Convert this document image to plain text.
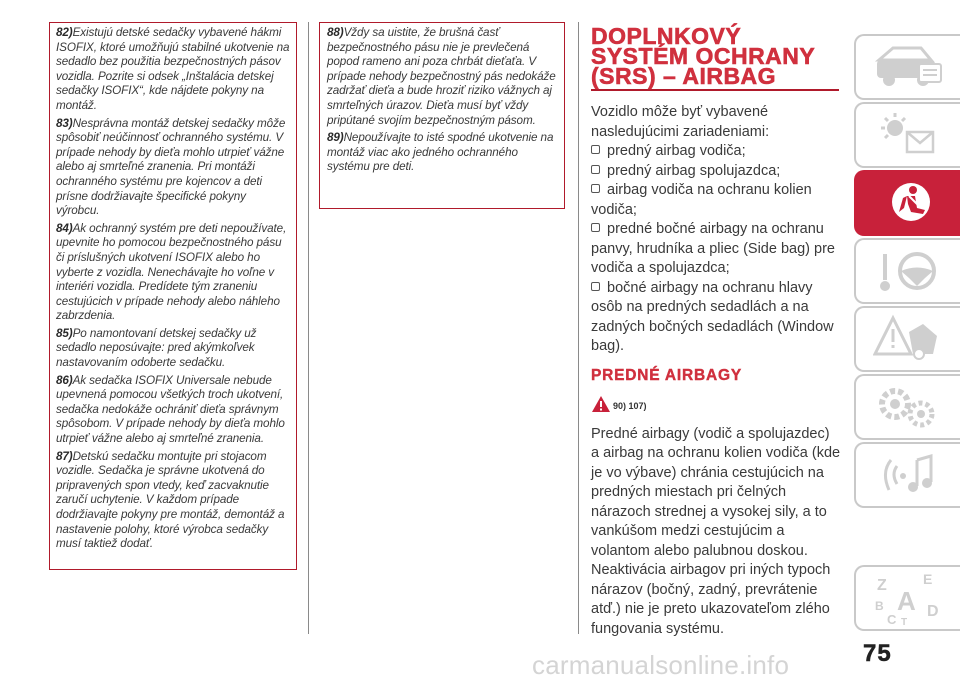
82)Existujú detské sedačky vybavené hákmi ISOFIX, ktoré umožňujú stabilné ukotvenie na sedadlo bez použitia bezpečnostných pásov vozidla. Pozrite si odsek „Inštalácia detskej sedačky ISOFIX“, kde nájdete pokyny na montáž.

83)Nesprávna montáž detskej sedačky môže spôsobiť neúčinnosť ochranného systému. V prípade nehody by dieťa mohlo utrpieť vážne alebo aj smrteľné zranenia. Pri montáži ochranného systému pre kojencov a deti prísne dodržiavajte špecifické pokyny výrobcu.

84)Ak ochranný systém pre deti nepoužívate, upevnite ho pomocou bezpečnostného pásu či príslušných ukotvení ISOFIX alebo ho vyberte z vozidla. Nenechávajte ho voľne v interiéri vozidla. Predídete tým zraneniu cestujúcich v prípade nehody alebo náhleho zabrzdenia.

85)Po namontovaní detskej sedačky už sedadlo neposúvajte: pred akýmkoľvek nastavovaním odoberte sedačku.

86)Ak sedačka ISOFIX Universale nebude upevnená pomocou všetkých troch ukotvení, sedačka nedokáže ochrániť dieťa správnym spôsobom. V prípade nehody by dieťa mohlo utrpieť vážne alebo aj smrteľné zranenia.

87)Detskú sedačku montujte pri stojacom vozidle. Sedačka je správne ukotvená do pripravených spon vtedy, keď zacvaknutie zaručí uchytenie. V každom prípade dodržiavajte pokyny pre montáž, demontáž a nastavenie polohy, ktoré výrobca sedačky musí taktiež dodať.

88)Vždy sa uistite, že brušná časť bezpečnostného pásu nie je prevlečená popod rameno ani poza chrbát dieťaťa. V prípade nehody bezpečnostný pás nedokáže zadržať dieťa a bude hroziť riziko vážnych aj smrteľných úrazov. Dieťa musí byť vždy pripútané svojím bezpečnostným pásom.

89)Nepoužívajte to isté spodné ukotvenie na montáž viac ako jedného ochranného systému pre deti.

DOPLNKOVÝ
SYSTÉM OCHRANY
(SRS) – AIRBAG

Vozidlo môže byť vybavené nasledujúcimi zariadeniami:

predný airbag vodiča;

predný airbag spolujazdca;

airbag vodiča na ochranu kolien vodiča;

predné bočné airbagy na ochranu panvy, hrudníka a pliec (Side bag) pre vodiča a spolujazdca;

bočné airbagy na ochranu hlavy osôb na predných sedadlách a na zadných bočných sedadlách (Window bag).

PREDNÉ AIRBAGY
90) 107)

Predné airbagy (vodič a spolujazdec) a airbag na ochranu kolien vodiča (kde je vo výbave) chránia cestujúcich na predných miestach pri čelných nárazoch strednej a vysokej sily, a to vankúšom medzi cestujúcim a volantom alebo palubnou doskou. Neaktivácia airbagov pri iných typoch nárazov (bočný, zadný, prevrátenie atď.) nie je preto ukazovateľom zlého fungovania systému.

Z	E
B A
C T
D
75
carmanualsonline.info
